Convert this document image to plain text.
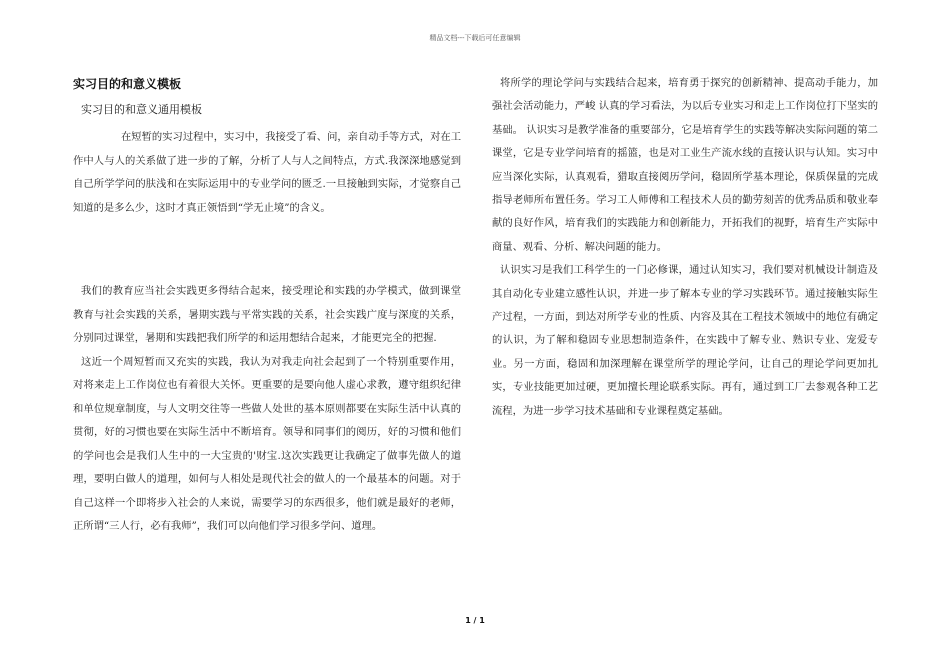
精品文档---下载后可任意编辑
实习目的和意义模板
实习目的和意义通用模板

在短暂的实习过程中，实习中，我接受了看、问，亲自动手等方式，对在工作中人与人的关系做了进一步的了解，分析了人与人之间特点，方式.我深深地感觉到自己所学学问的肤浅和在实际运用中的专业学问的匮乏.一旦接触到实际，才觉察自己知道的是多么少，这时才真正领悟到“学无止境”的含义。

我们的教育应当社会实践更多得结合起来，接受理论和实践的办学模式，做到课堂教育与社会实践的关系，暑期实践与平常实践的关系，社会实践广度与深度的关系，分别同过课堂，暑期和实践把我们所学的和运用想结合起来，才能更完全的把握.

这近一个周短暂而又充实的实践，我认为对我走向社会起到了一个特别重要作用，对将来走上工作岗位也有着很大关怀。更重要的是要向他人虚心求教，遵守组织纪律和单位规章制度，与人文明交往等一些做人处世的基本原则都要在实际生活中认真的贯彻，好的习惯也要在实际生活中不断培育。领导和同事们的阅历，好的习惯和他们的学问也会是我们人生中的一大宝贵的'财宝.这次实践更让我确定了做事先做人的道理，要明白做人的道理，如何与人相处是现代社会的做人的一个最基本的问题。对于自己这样一个即将步入社会的人来说，需要学习的东西很多，他们就是最好的老师，正所谓“三人行，必有我师”，我们可以向他们学习很多学问、道理。

将所学的理论学问与实践结合起来，培育勇于探究的创新精神、提高动手能力，加强社会活动能力，严峻 认真的学习看法，为以后专业实习和走上工作岗位打下坚实的基础。 认识实习是教学准备的重要部分，它是培育学生的实践等解决实际问题的第二课堂，它是专业学问培育的摇篮，也是对工业生产流水线的直接认识与认知。实习中应当深化实际，认真观看，猎取直接阅历学问，稳固所学基本理论，保质保量的完成指导老师所布置任务。学习工人师傅和工程技术人员的勤劳刻苦的优秀品质和敬业奉献的良好作风，培育我们的实践能力和创新能力，开拓我们的视野，培育生产实际中商量、观看、分析、解决问题的能力。

认识实习是我们工科学生的一门必修课，通过认知实习，我们要对机械设计制造及其自动化专业建立感性认识，并进一步了解本专业的学习实践环节。通过接触实际生产过程，一方面，到达对所学专业的性质、内容及其在工程技术领域中的地位有确定的认识，为了解和稳固专业思想制造条件，在实践中了解专业、熟识专业、宠爱专业。另一方面，稳固和加深理解在课堂所学的理论学问，让自己的理论学问更加扎实，专业技能更加过硬，更加擅长理论联系实际。再有，通过到工厂去参观各种工艺流程，为进一步学习技术基础和专业课程奠定基础。

1 / 1
